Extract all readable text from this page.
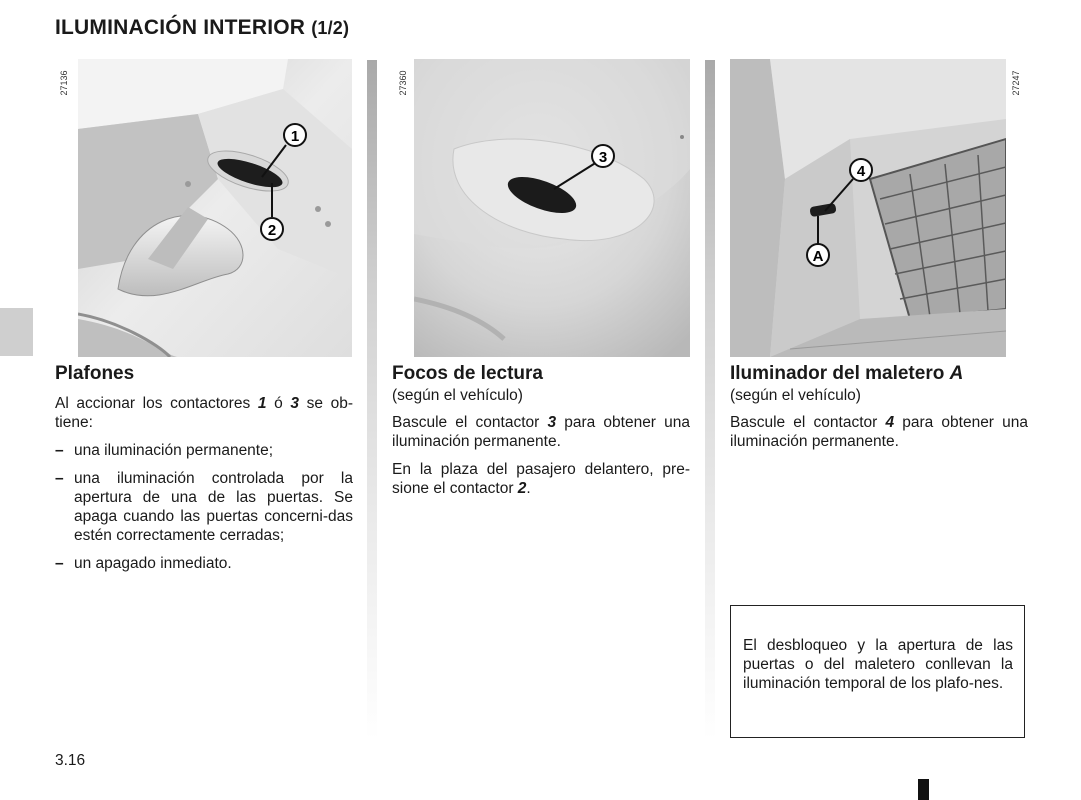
ILUMINACIÓN INTERIOR (1/2)
27136
1
2
27360
3
27247
4
A
Plafones

Al accionar los contactores 1 ó 3 se ob-tiene:

– una iluminación permanente;
– una iluminación controlada por la apertura de una de las puertas. Se apaga cuando las puertas concerni-das estén correctamente cerradas;
– un apagado inmediato.
Focos de lectura

(según el vehículo)

Bascule el contactor 3 para obtener una iluminación permanente.

En la plaza del pasajero delantero, pre-sione el contactor 2.

Iluminador del maletero A

(según el vehículo)

Bascule el contactor 4 para obtener una iluminación permanente.

El desbloqueo y la apertura de las puertas o del maletero conllevan la iluminación temporal de los plafo-nes.
3.16
